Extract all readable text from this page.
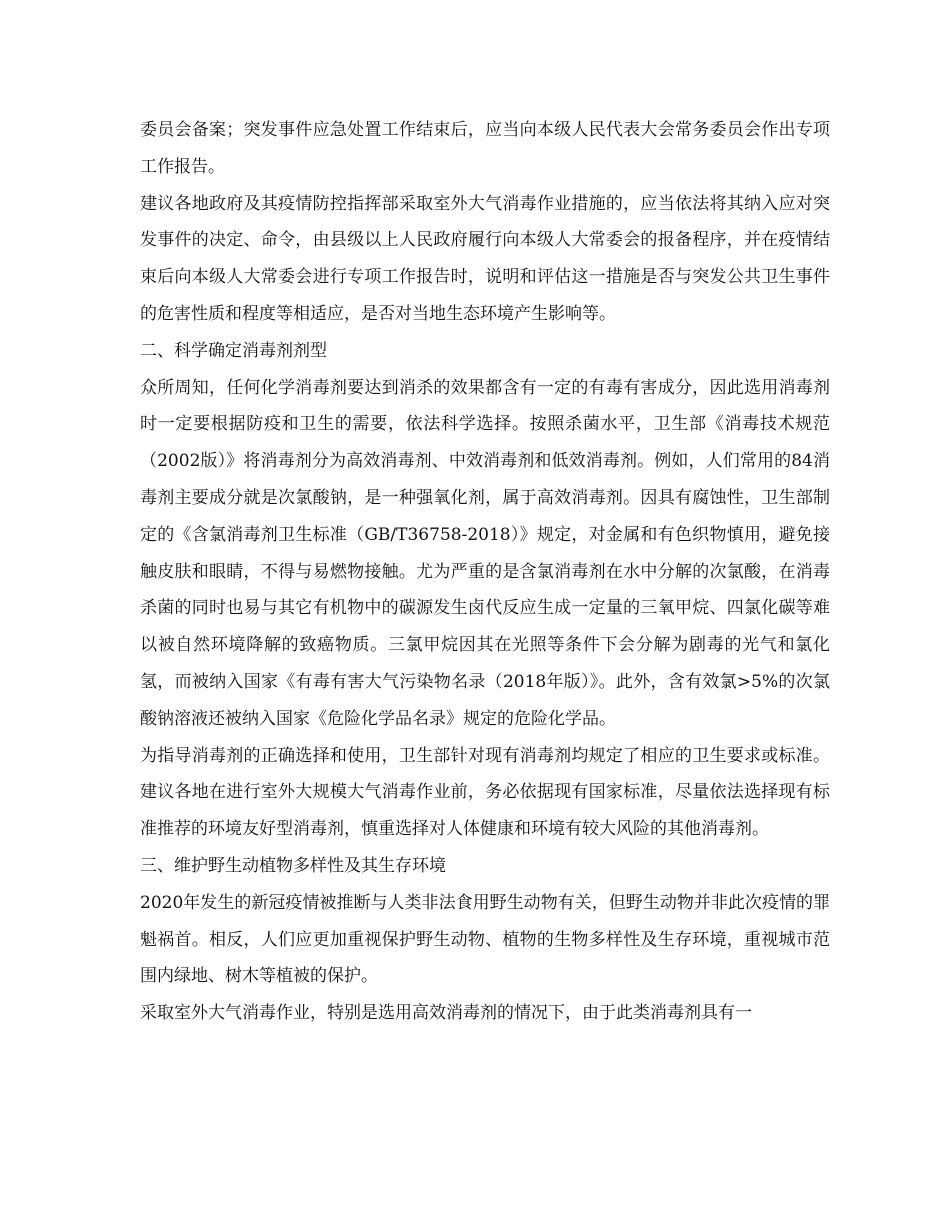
委员会备案；突发事件应急处置工作结束后，应当向本级人民代表大会常务委员会作出专项工作报告。

建议各地政府及其疫情防控指挥部采取室外大气消毒作业措施的，应当依法将其纳入应对突发事件的决定、命令，由县级以上人民政府履行向本级人大常委会的报备程序，并在疫情结束后向本级人大常委会进行专项工作报告时，说明和评估这一措施是否与突发公共卫生事件的危害性质和程度等相适应，是否对当地生态环境产生影响等。

二、科学确定消毒剂剂型

众所周知，任何化学消毒剂要达到消杀的效果都含有一定的有毒有害成分，因此选用消毒剂时一定要根据防疫和卫生的需要，依法科学选择。按照杀菌水平，卫生部《消毒技术规范（2002版）》将消毒剂分为高效消毒剂、中效消毒剂和低效消毒剂。例如，人们常用的84消毒剂主要成分就是次氯酸钠，是一种强氧化剂，属于高效消毒剂。因具有腐蚀性，卫生部制定的《含氯消毒剂卫生标准（GB/T36758-2018）》规定，对金属和有色织物慎用，避免接触皮肤和眼睛，不得与易燃物接触。尤为严重的是含氯消毒剂在水中分解的次氯酸，在消毒杀菌的同时也易与其它有机物中的碳源发生卤代反应生成一定量的三氧甲烷、四氯化碳等难以被自然环境降解的致癌物质。三氯甲烷因其在光照等条件下会分解为剧毒的光气和氯化氢，而被纳入国家《有毒有害大气污染物名录（2018年版）》。此外，含有效氯>5%的次氯酸钠溶液还被纳入国家《危险化学品名录》规定的危险化学品。

为指导消毒剂的正确选择和使用，卫生部针对现有消毒剂均规定了相应的卫生要求或标准。建议各地在进行室外大规模大气消毒作业前，务必依据现有国家标准，尽量依法选择现有标准推荐的环境友好型消毒剂，慎重选择对人体健康和环境有较大风险的其他消毒剂。

三、维护野生动植物多样性及其生存环境

2020年发生的新冠疫情被推断与人类非法食用野生动物有关，但野生动物并非此次疫情的罪魁祸首。相反，人们应更加重视保护野生动物、植物的生物多样性及生存环境，重视城市范围内绿地、树木等植被的保护。

采取室外大气消毒作业，特别是选用高效消毒剂的情况下，由于此类消毒剂具有一
